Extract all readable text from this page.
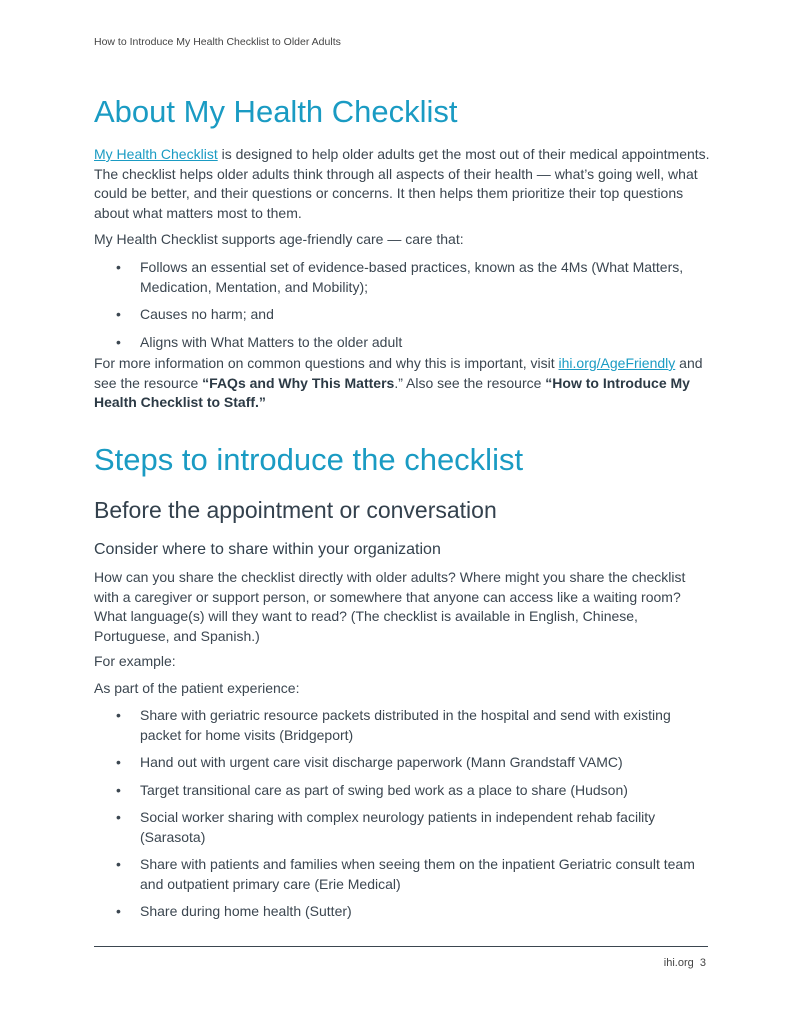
How to Introduce My Health Checklist to Older Adults
About My Health Checklist

My Health Checklist is designed to help older adults get the most out of their medical appointments. The checklist helps older adults think through all aspects of their health — what’s going well, what could be better, and their questions or concerns. It then helps them prioritize their top questions about what matters most to them.

My Health Checklist supports age-friendly care — care that:
• Follows an essential set of evidence-based practices, known as the 4Ms (What Matters, Medication, Mentation, and Mobility);
• Causes no harm; and
• Aligns with What Matters to the older adult

For more information on common questions and why this is important, visit ihi.org/AgeFriendly and see the resource “FAQs and Why This Matters.” Also see the resource “How to Introduce My Health Checklist to Staff.”

Steps to introduce the checklist
Before the appointment or conversation
Consider where to share within your organization
How can you share the checklist directly with older adults? Where might you share the checklist with a caregiver or support person, or somewhere that anyone can access like a waiting room? What language(s) will they want to read? (The checklist is available in English, Chinese, Portuguese, and Spanish.)
For example:
As part of the patient experience:
• Share with geriatric resource packets distributed in the hospital and send with existing packet for home visits (Bridgeport)
• Hand out with urgent care visit discharge paperwork (Mann Grandstaff VAMC)
• Target transitional care as part of swing bed work as a place to share (Hudson)
• Social worker sharing with complex neurology patients in independent rehab facility (Sarasota)
• Share with patients and families when seeing them on the inpatient Geriatric consult team and outpatient primary care (Erie Medical)
• Share during home health (Sutter)
ihi.org 3
